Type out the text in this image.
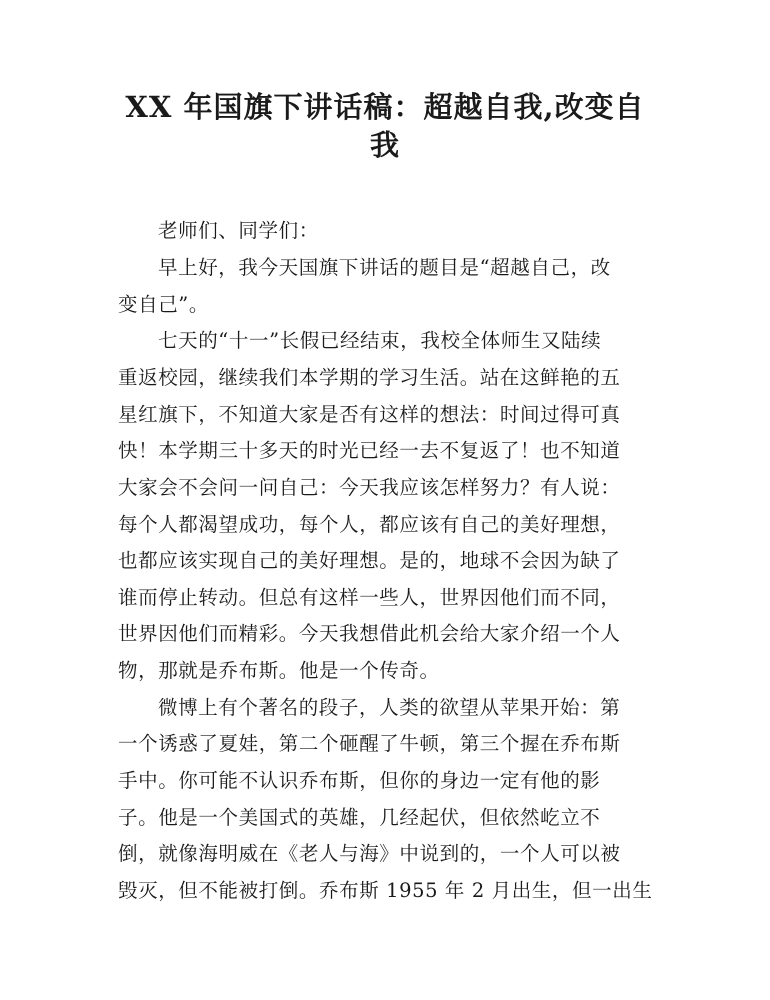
XX 年国旗下讲话稿：超越自我,改变自
我
老师们、同学们：
早上好，我今天国旗下讲话的题目是“超越自己，改
变自己”。
七天的“十一”长假已经结束，我校全体师生又陆续
重返校园，继续我们本学期的学习生活。站在这鲜艳的五
星红旗下，不知道大家是否有这样的想法：时间过得可真
快！本学期三十多天的时光已经一去不复返了！也不知道
大家会不会问一问自己：今天我应该怎样努力？有人说：
每个人都渴望成功，每个人，都应该有自己的美好理想，
也都应该实现自己的美好理想。是的，地球不会因为缺了
谁而停止转动。但总有这样一些人，世界因他们而不同，
世界因他们而精彩。今天我想借此机会给大家介绍一个人
物，那就是乔布斯。他是一个传奇。
微博上有个著名的段子，人类的欲望从苹果开始：第
一个诱惑了夏娃，第二个砸醒了牛顿，第三个握在乔布斯
手中。你可能不认识乔布斯，但你的身边一定有他的影
子。他是一个美国式的英雄，几经起伏，但依然屹立不
倒，就像海明威在《老人与海》中说到的，一个人可以被
毁灭，但不能被打倒。乔布斯 1955 年 2 月出生，但一出生
